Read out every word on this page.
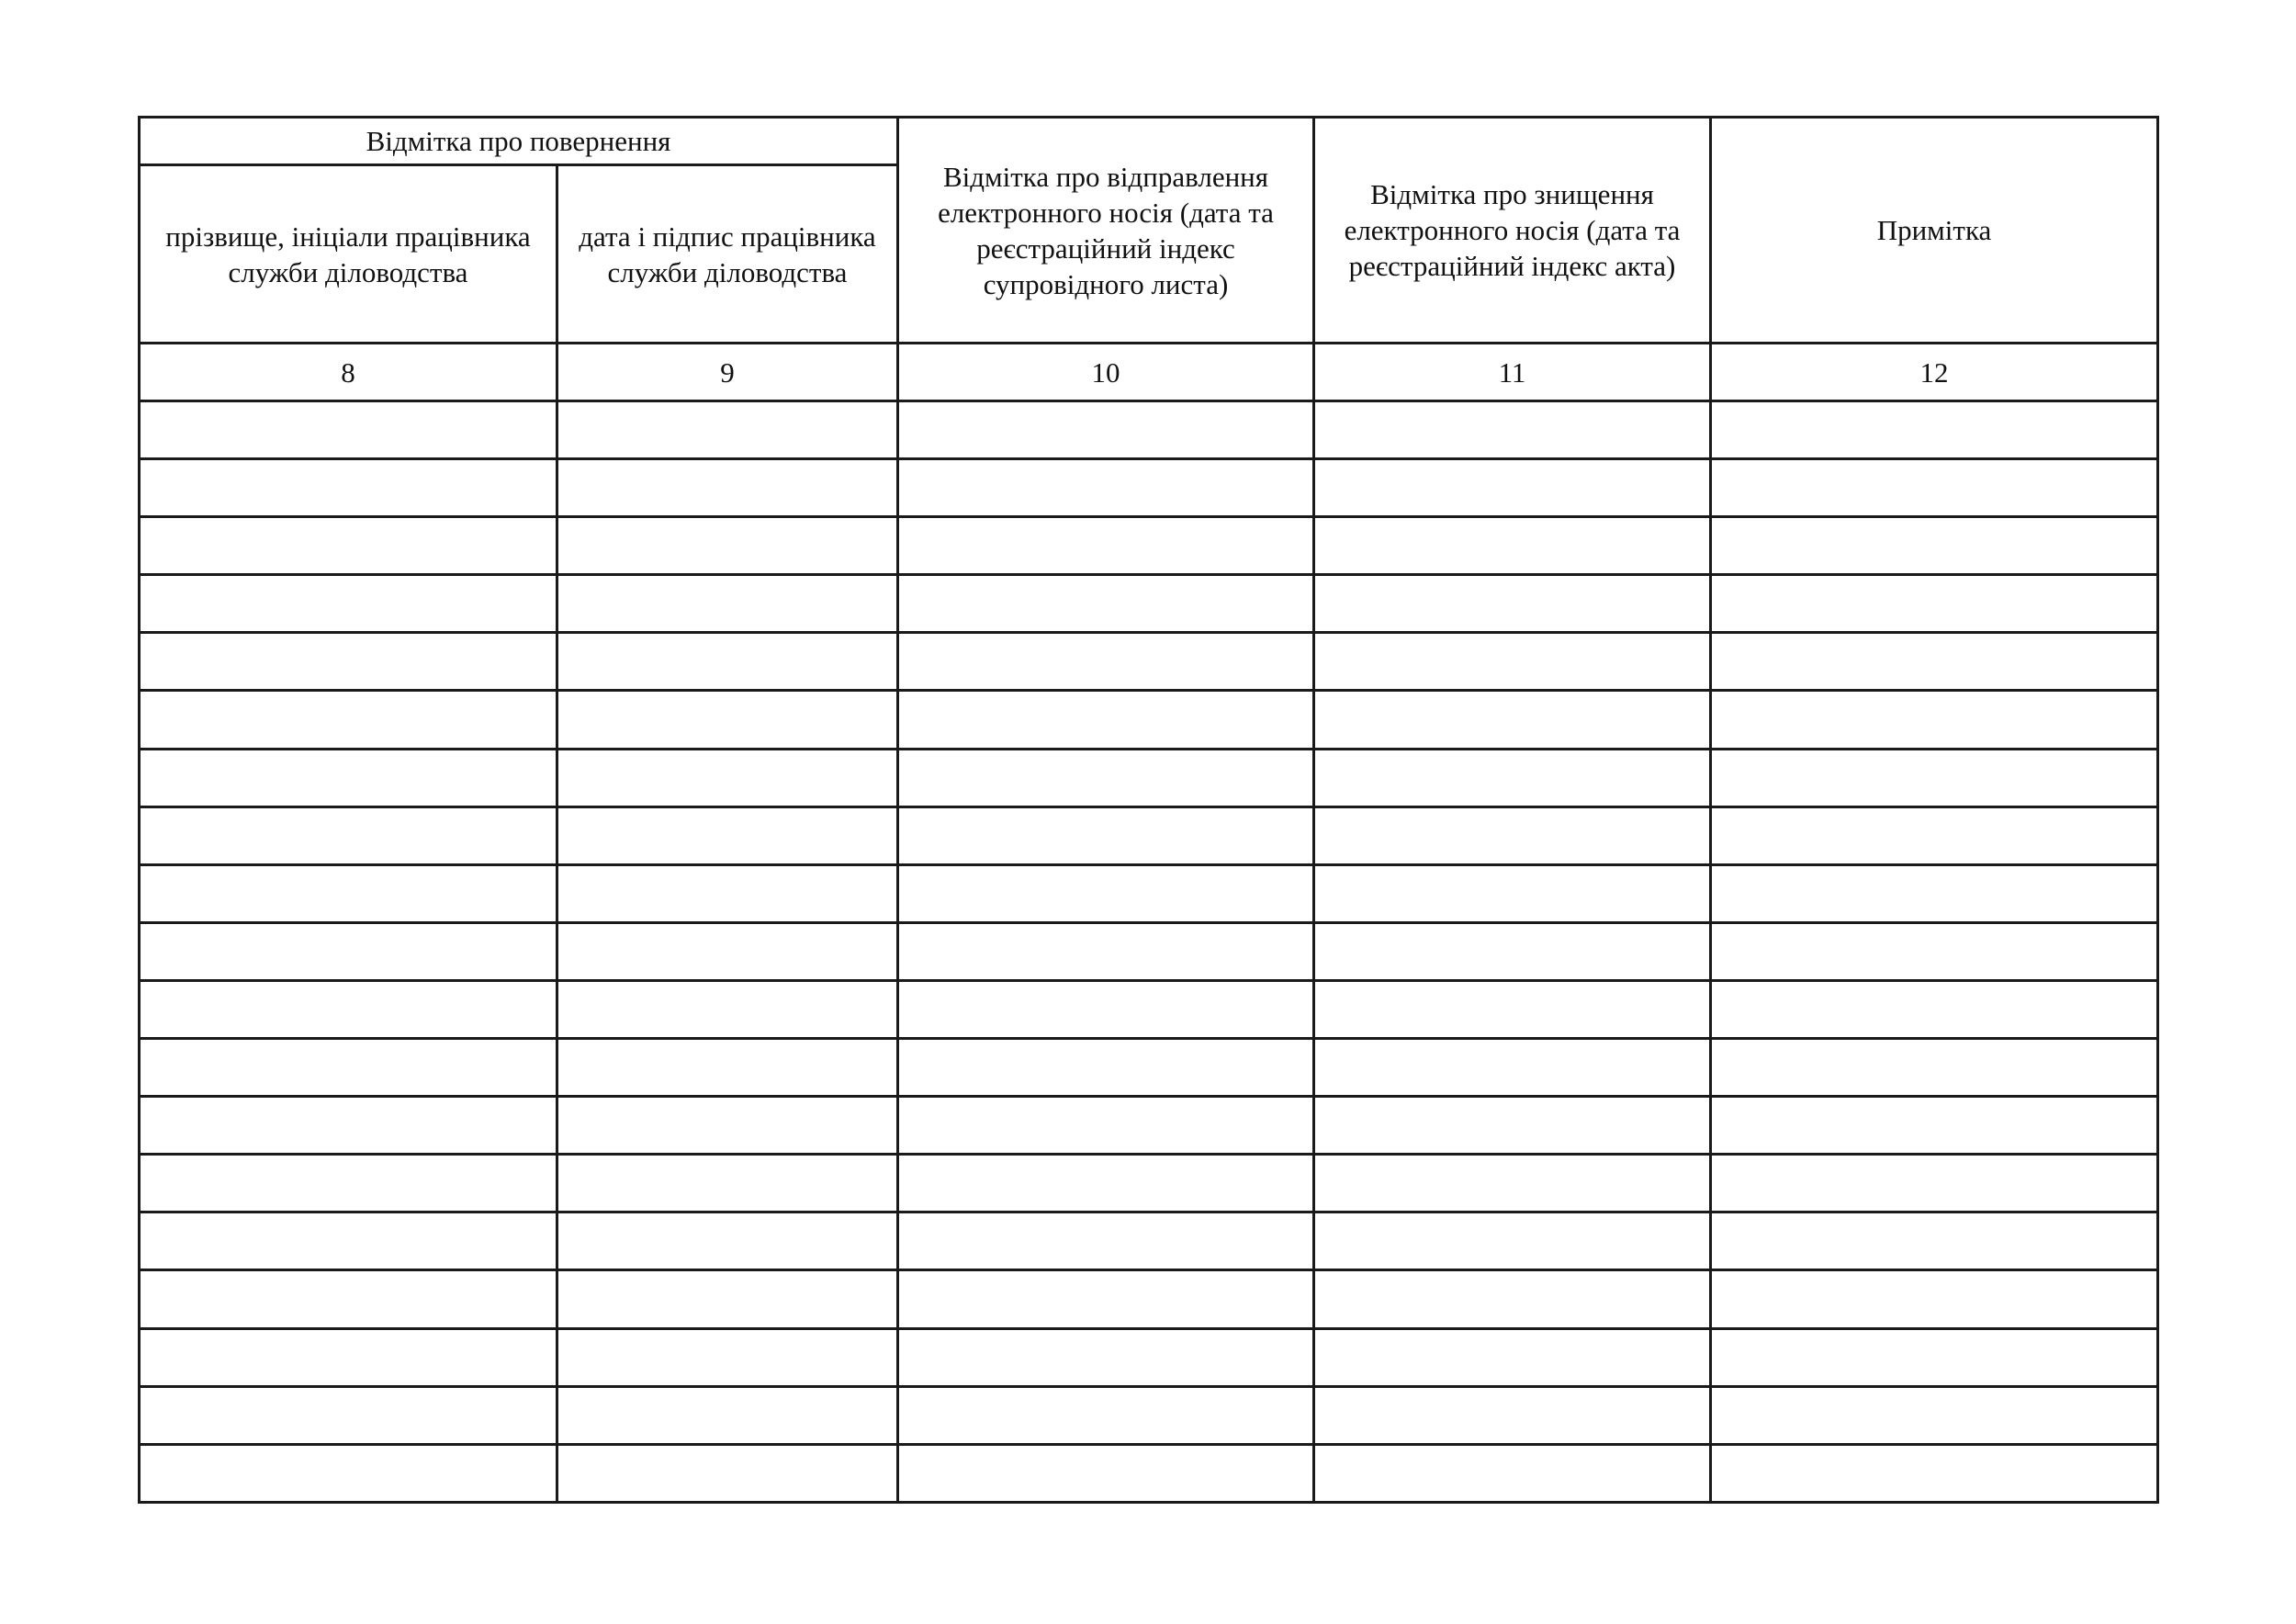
Відмітка про повернення		Відмітка про відправлення електронного носія (дата та реєстраційний індекс супровідного листа)	Відмітка про знищення електронного носія (дата та реєстраційний індекс акта)	Примітка
прізвище, ініціали працівника служби діловодства	дата і підпис працівника служби діловодства			
8	9	10	11	12
